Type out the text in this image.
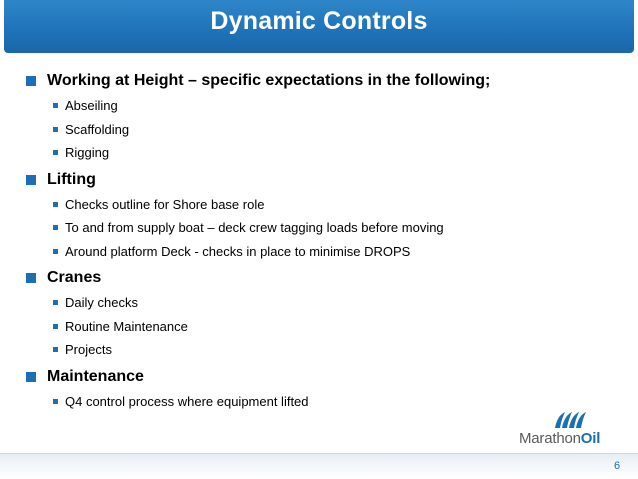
Dynamic Controls
Working at Height – specific expectations in the following;
Abseiling
Scaffolding
Rigging
Lifting
Checks outline for Shore base role
To and from supply boat – deck crew tagging loads before moving
Around platform Deck - checks in place to minimise DROPS
Cranes
Daily checks
Routine Maintenance
Projects
Maintenance
Q4 control process where equipment lifted
MarathonOil
6
